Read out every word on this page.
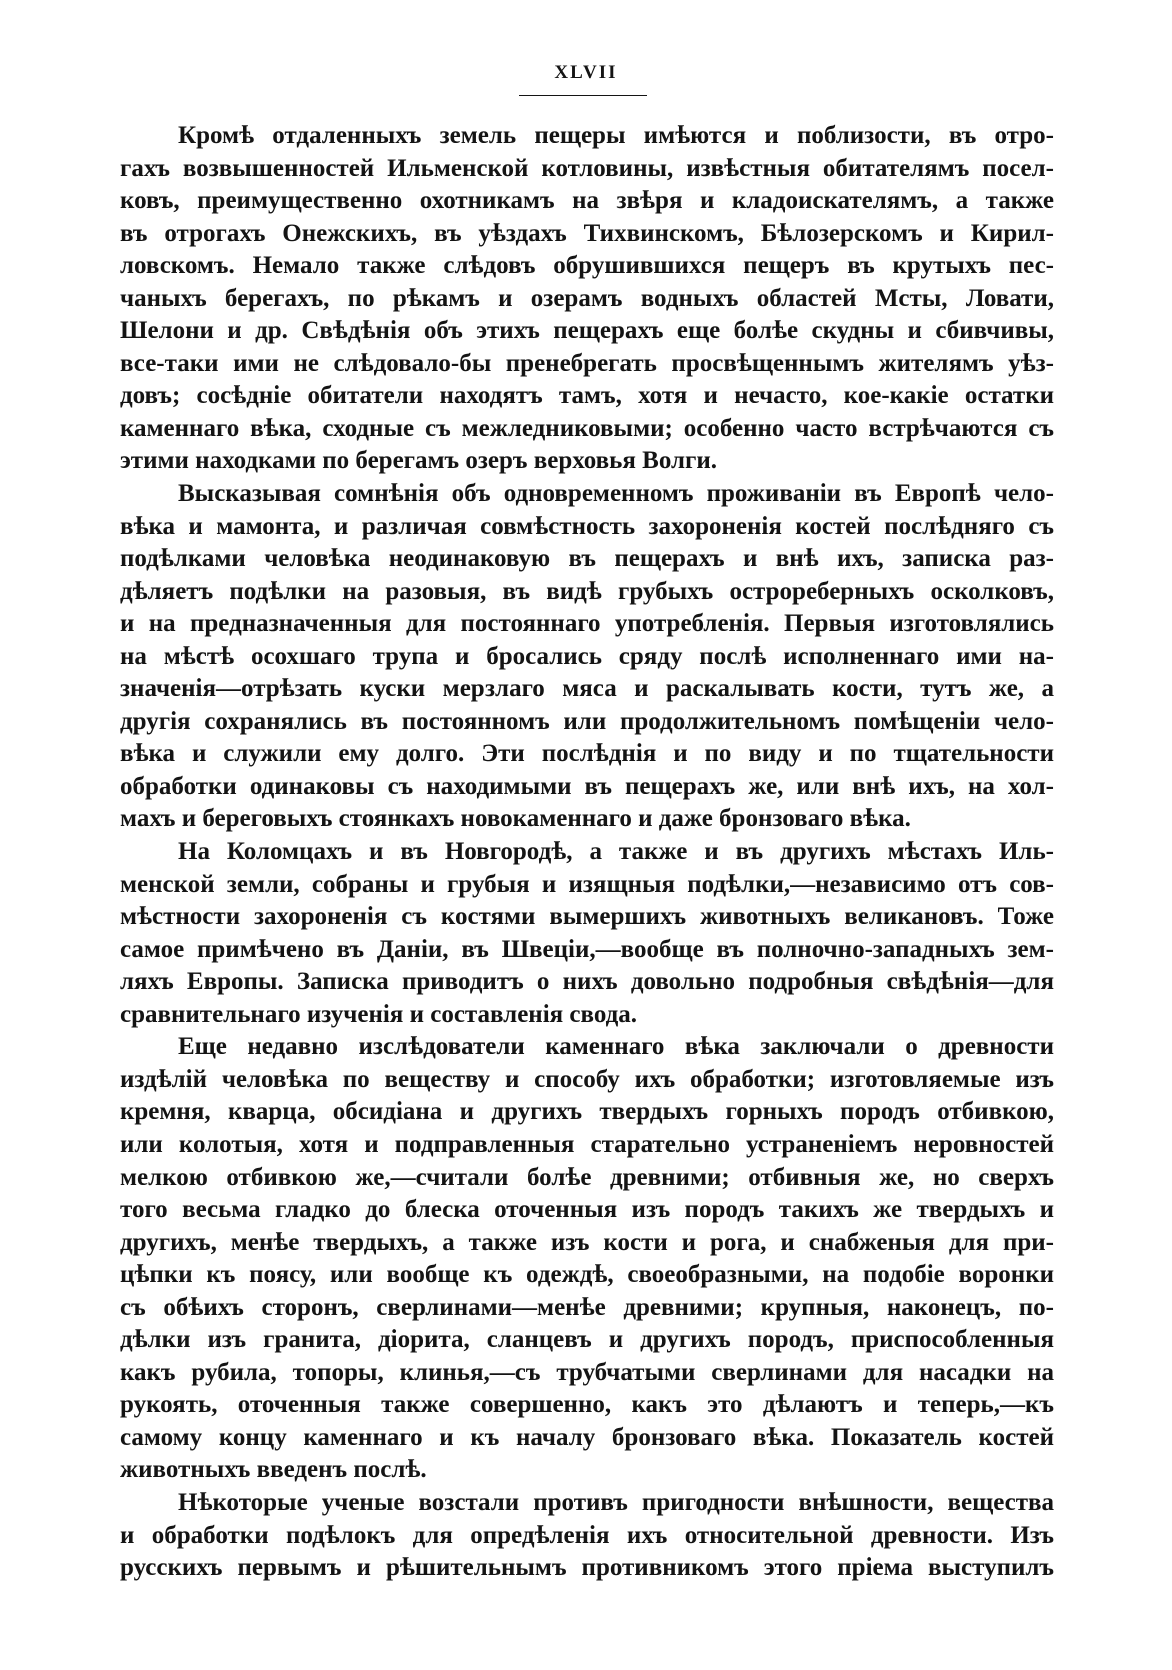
XLVII
Кромѣ отдаленныхъ земель пещеры имѣются и поблизости, въ отро-
гахъ возвышенностей Ильменской котловины, извѣстныя обитателямъ посел-
ковъ, преимущественно охотникамъ на звѣря и кладоискателямъ, а также
въ отрогахъ Онежскихъ, въ уѣздахъ Тихвинскомъ, Бѣлозерскомъ и Кирил-
ловскомъ. Немало также слѣдовъ обрушившихся пещеръ въ крутыхъ пес-
чаныхъ берегахъ, по рѣкамъ и озерамъ водныхъ областей Мсты, Ловати,
Шелони и др. Свѣдѣнія объ этихъ пещерахъ еще болѣе скудны и сбивчивы,
все-таки ими не слѣдовало-бы пренебрегать просвѣщеннымъ жителямъ уѣз-
довъ; сосѣдніе обитатели находятъ тамъ, хотя и нечасто, кое-какіе остатки
каменнаго вѣка, сходные съ межледниковыми; особенно часто встрѣчаются съ
этими находками по берегамъ озеръ верховья Волги.
Высказывая сомнѣнія объ одновременномъ проживаніи въ Европѣ чело-
вѣка и мамонта, и различая совмѣстность захороненія костей послѣдняго съ
подѣлками человѣка неодинаковую въ пещерахъ и внѣ ихъ, записка раз-
дѣляетъ подѣлки на разовыя, въ видѣ грубыхъ острореберныхъ осколковъ,
и на предназначенныя для постояннаго употребленія. Первыя изготовлялись
на мѣстѣ осохшаго трупа и бросались сряду послѣ исполненнаго ими на-
значенія—отрѣзать куски мерзлаго мяса и раскалывать кости, тутъ же, а
другія сохранялись въ постоянномъ или продолжительномъ помѣщеніи чело-
вѣка и служили ему долго. Эти послѣднія и по виду и по тщательности
обработки одинаковы съ находимыми въ пещерахъ же, или внѣ ихъ, на хол-
махъ и береговыхъ стоянкахъ новокаменнаго и даже бронзоваго вѣка.
На Коломцахъ и въ Новгородѣ, а также и въ другихъ мѣстахъ Иль-
менской земли, собраны и грубыя и изящныя подѣлки,—независимо отъ сов-
мѣстности захороненія съ костями вымершихъ животныхъ великановъ. Тоже
самое примѣчено въ Даніи, въ Швеціи,—вообще въ полночно-западныхъ зем-
ляхъ Европы. Записка приводитъ о нихъ довольно подробныя свѣдѣнія—для
сравнительнаго изученія и составленія свода.
Еще недавно изслѣдователи каменнаго вѣка заключали о древности
издѣлій человѣка по веществу и способу ихъ обработки; изготовляемые изъ
кремня, кварца, обсидіана и другихъ твердыхъ горныхъ породъ отбивкою,
или колотыя, хотя и подправленныя старательно устраненіемъ неровностей
мелкою отбивкою же,—считали болѣе древними; отбивныя же, но сверхъ
того весьма гладко до блеска оточенныя изъ породъ такихъ же твердыхъ и
другихъ, менѣе твердыхъ, а также изъ кости и рога, и снабженыя для при-
цѣпки къ поясу, или вообще къ одеждѣ, своеобразными, на подобіе воронки
съ обѣихъ сторонъ, сверлинами—менѣе древними; крупныя, наконецъ, по-
дѣлки изъ гранита, діорита, сланцевъ и другихъ породъ, приспособленныя
какъ рубила, топоры, клинья,—съ трубчатыми сверлинами для насадки на
рукоять, оточенныя также совершенно, какъ это дѣлаютъ и теперь,—къ
самому концу каменнаго и къ началу бронзоваго вѣка. Показатель костей
животныхъ введенъ послѣ.
Нѣкоторые ученые возстали противъ пригодности внѣшности, вещества
и обработки подѣлокъ для опредѣленія ихъ относительной древности. Изъ
русскихъ первымъ и рѣшительнымъ противникомъ этого пріема выступилъ
